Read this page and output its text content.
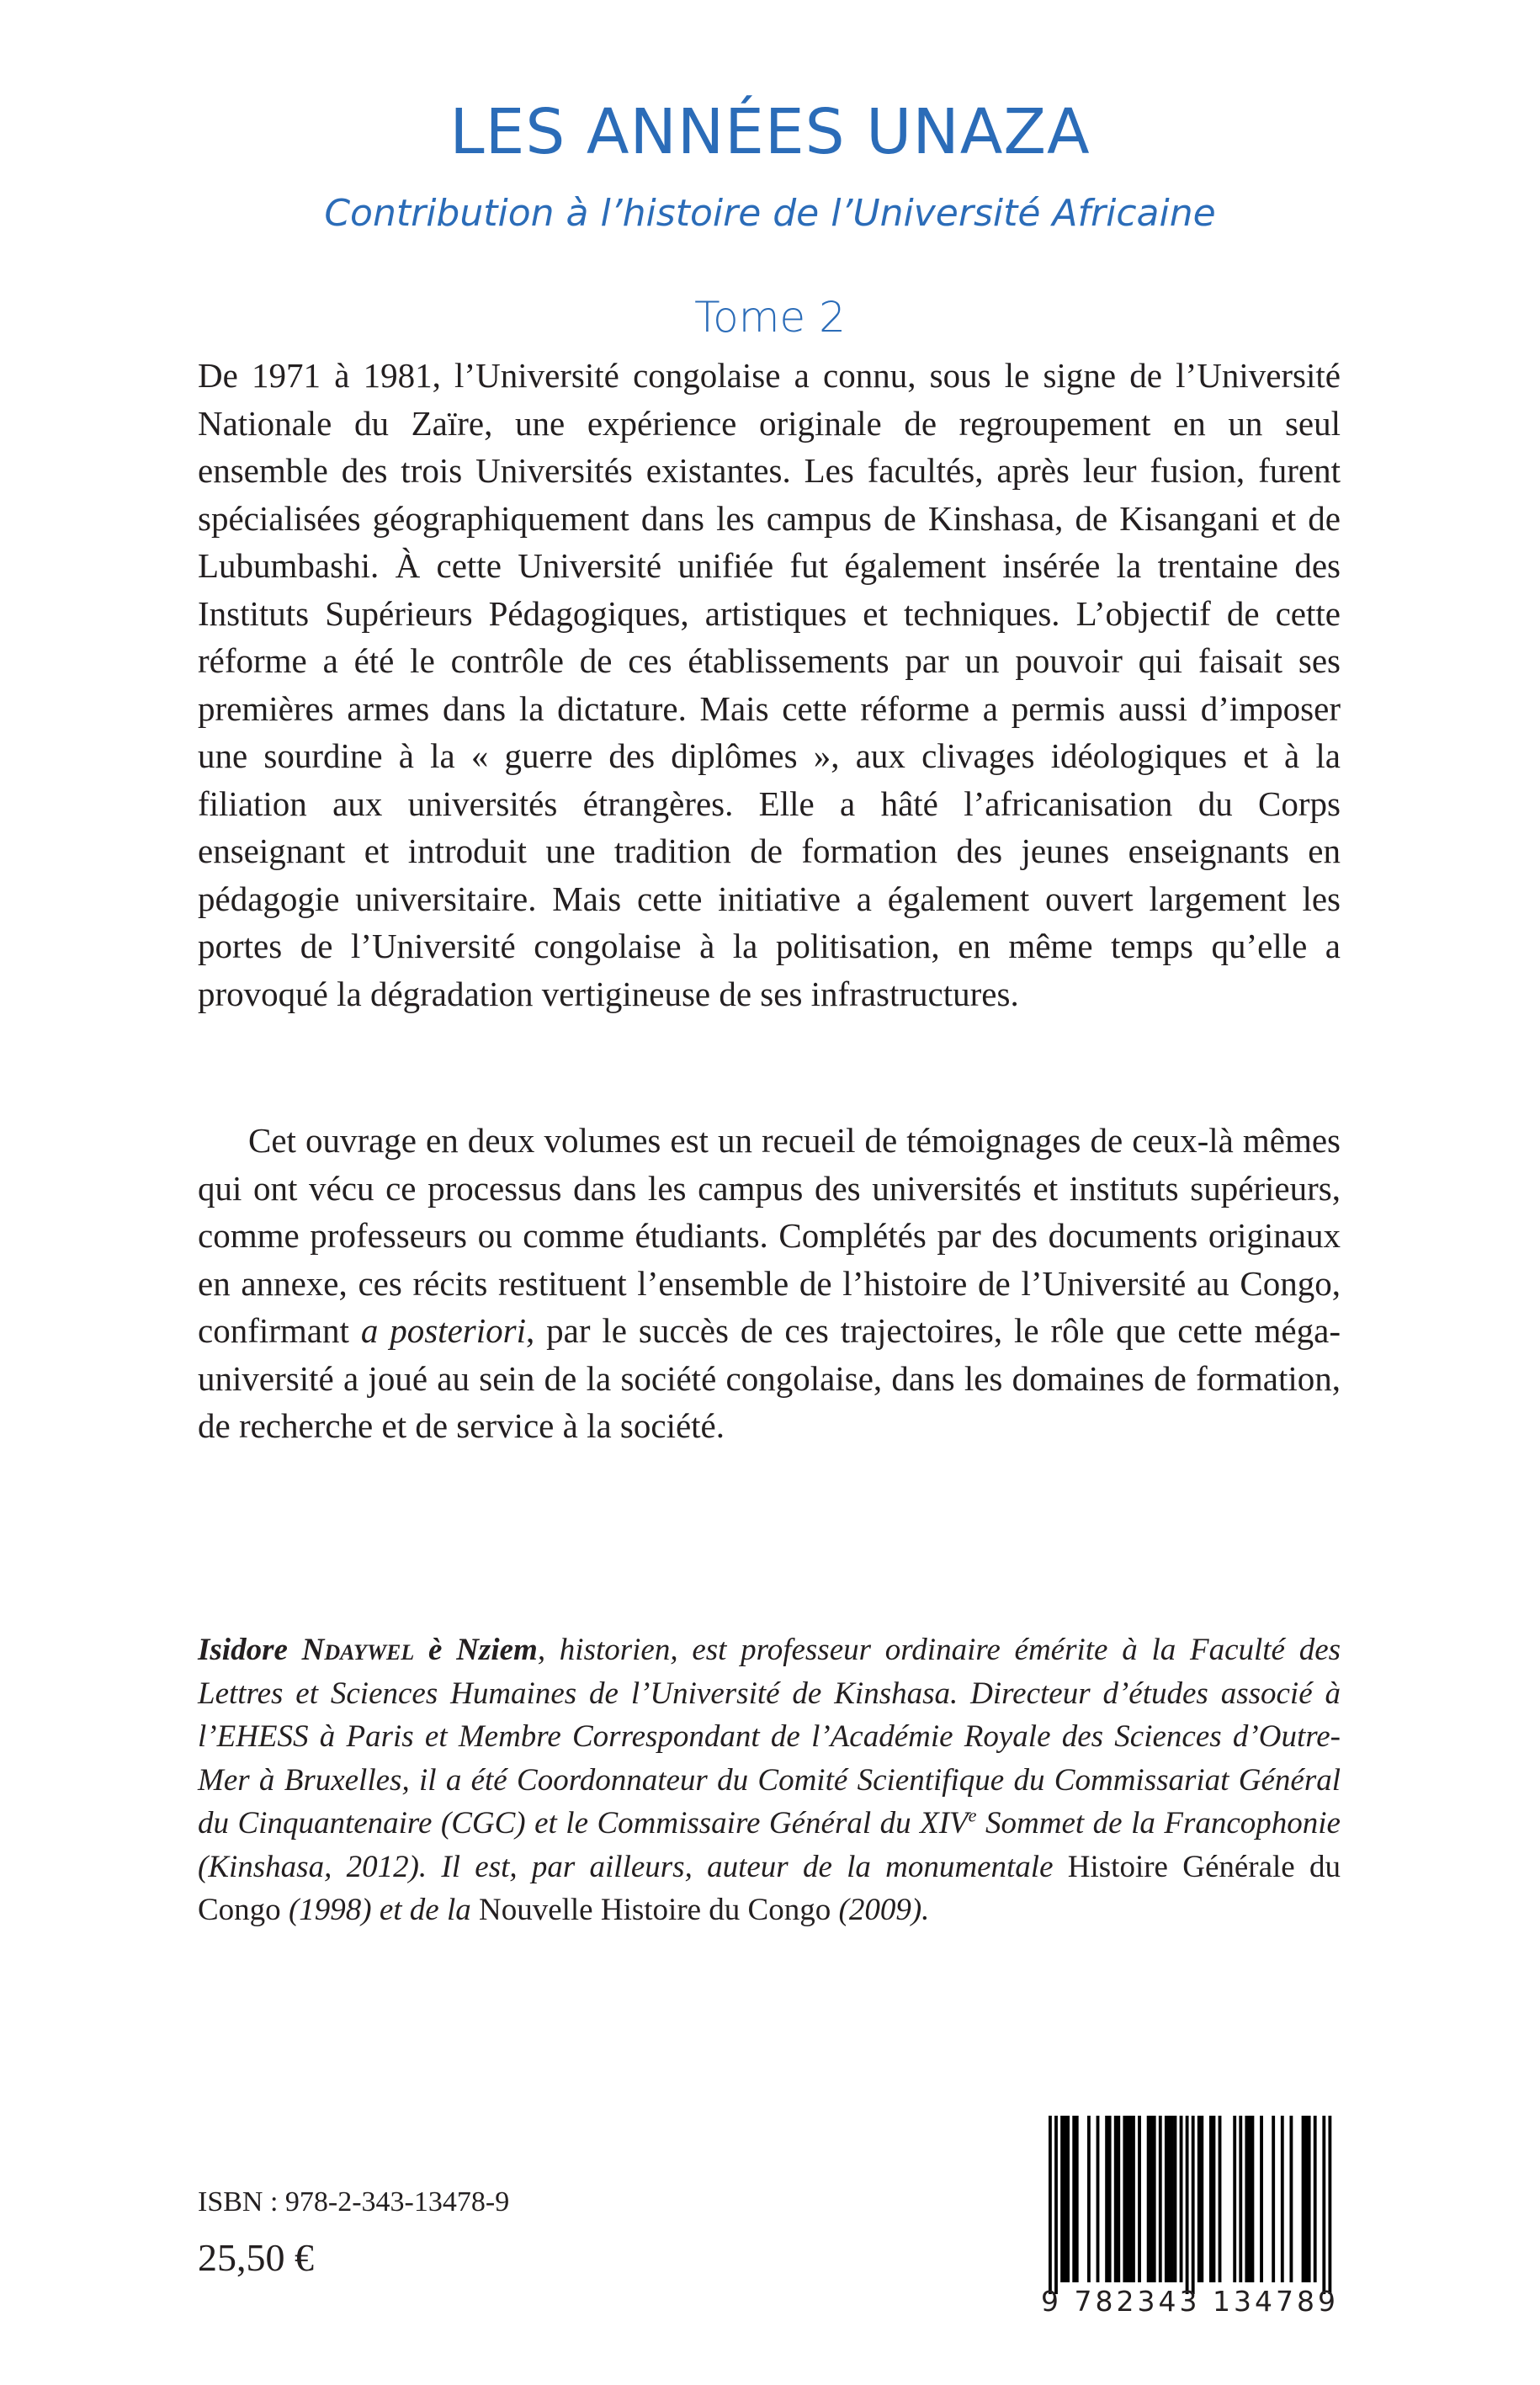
LES ANNÉES UNAZA
Contribution à l’histoire de l’Université Africaine
Tome 2

De 1971 à 1981, l’Université congolaise a connu, sous le signe de l’Université Nationale du Zaïre, une expérience originale de regroupement en un seul ensemble des trois Universités existantes. Les facultés, après leur fusion, furent spécialisées géographiquement dans les campus de Kinshasa, de Kisangani et de Lubumbashi. À cette Université unifiée fut également insérée la trentaine des Instituts Supérieurs Pédagogiques, artistiques et techniques. L’objectif de cette réforme a été le contrôle de ces établissements par un pouvoir qui faisait ses premières armes dans la dictature. Mais cette réforme a permis aussi d’imposer une sourdine à la « guerre des diplômes », aux clivages idéologiques et à la filiation aux universités étrangères. Elle a hâté l’africanisation du Corps enseignant et introduit une tradition de formation des jeunes enseignants en pédagogie universitaire. Mais cette initiative a également ouvert largement les portes de l’Université congolaise à la politisation, en même temps qu’elle a provoqué la dégradation vertigineuse de ses infrastructures.

Cet ouvrage en deux volumes est un recueil de témoignages de ceux-là mêmes qui ont vécu ce processus dans les campus des universités et instituts supérieurs, comme professeurs ou comme étudiants. Complétés par des documents originaux en annexe, ces récits restituent l’ensemble de l’histoire de l’Université au Congo, confirmant a posteriori, par le succès de ces trajectoires, le rôle que cette méga-université a joué au sein de la société congolaise, dans les domaines de formation, de recherche et de service à la société.

Isidore Ndaywel è Nziem, historien, est professeur ordinaire émérite à la Faculté des Lettres et Sciences Humaines de l’Université de Kinshasa. Directeur d’études associé à l’EHESS à Paris et Membre Correspondant de l’Académie Royale des Sciences d’Outre-Mer à Bruxelles, il a été Coordonnateur du Comité Scientifique du Commissariat Général du Cinquantenaire (CGC) et le Commissaire Général du XIVe Sommet de la Francophonie (Kinshasa, 2012). Il est, par ailleurs, auteur de la monumentale Histoire Générale du Congo (1998) et de la Nouvelle Histoire du Congo (2009).

ISBN : 978-2-343-13478-9
25,50 €
9 782343 134789
